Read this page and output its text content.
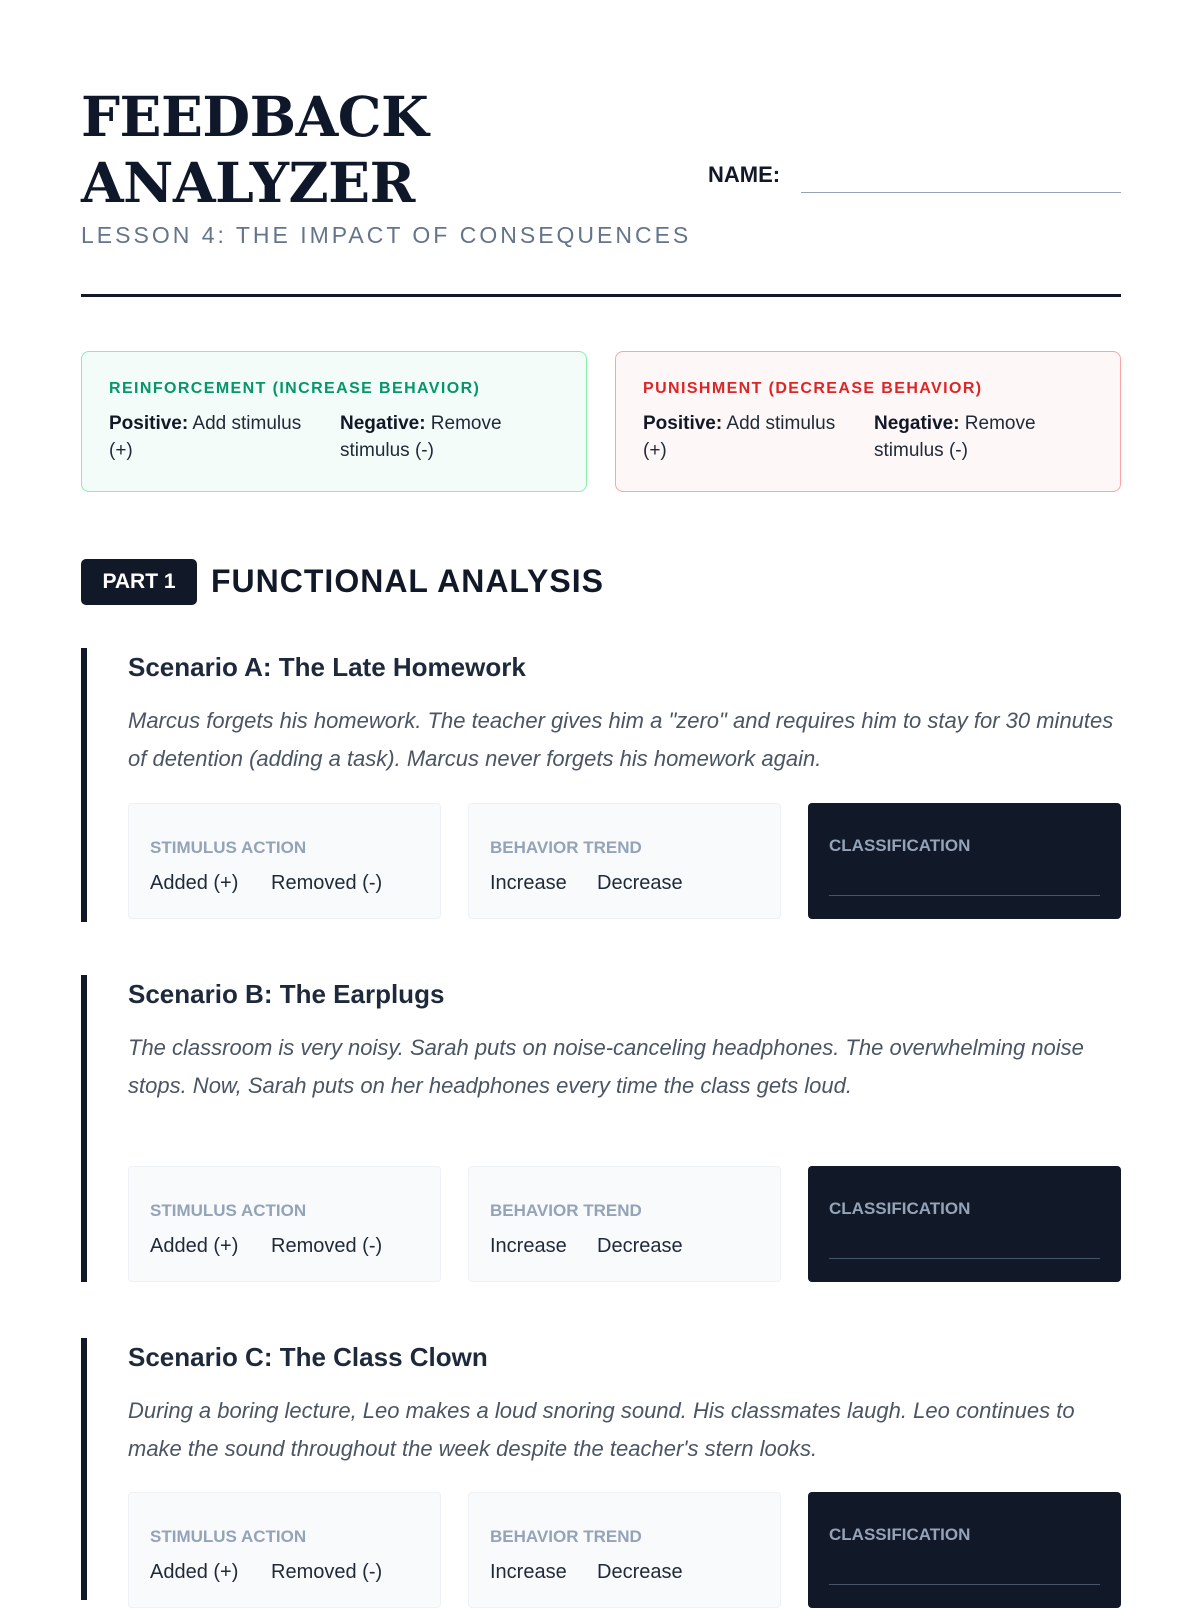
FEEDBACK
ANALYZER	NAME:
LESSON 4: THE IMPACT OF CONSEQUENCES
REINFORCEMENT (INCREASE BEHAVIOR)
Positive: Add stimulus (+)
Negative: Remove stimulus (-)
PUNISHMENT (DECREASE BEHAVIOR)
Positive: Add stimulus (+)
Negative: Remove stimulus (-)
PART 1	FUNCTIONAL ANALYSIS
Scenario A: The Late Homework

Marcus forgets his homework. The teacher gives him a "zero" and requires him to stay for 30 minutes of detention (adding a task). Marcus never forgets his homework again.

STIMULUS ACTION
Added (+) Removed (-)
BEHAVIOR TREND
Increase Decrease
CLASSIFICATION
Scenario B: The Earplugs

The classroom is very noisy. Sarah puts on noise-canceling headphones. The overwhelming noise stops. Now, Sarah puts on her headphones every time the class gets loud.

STIMULUS ACTION
Added (+) Removed (-)
BEHAVIOR TREND
Increase Decrease
CLASSIFICATION
Scenario C: The Class Clown

During a boring lecture, Leo makes a loud snoring sound. His classmates laugh. Leo continues to make the sound throughout the week despite the teacher's stern looks.

STIMULUS ACTION
Added (+) Removed (-)
BEHAVIOR TREND
Increase Decrease
CLASSIFICATION
